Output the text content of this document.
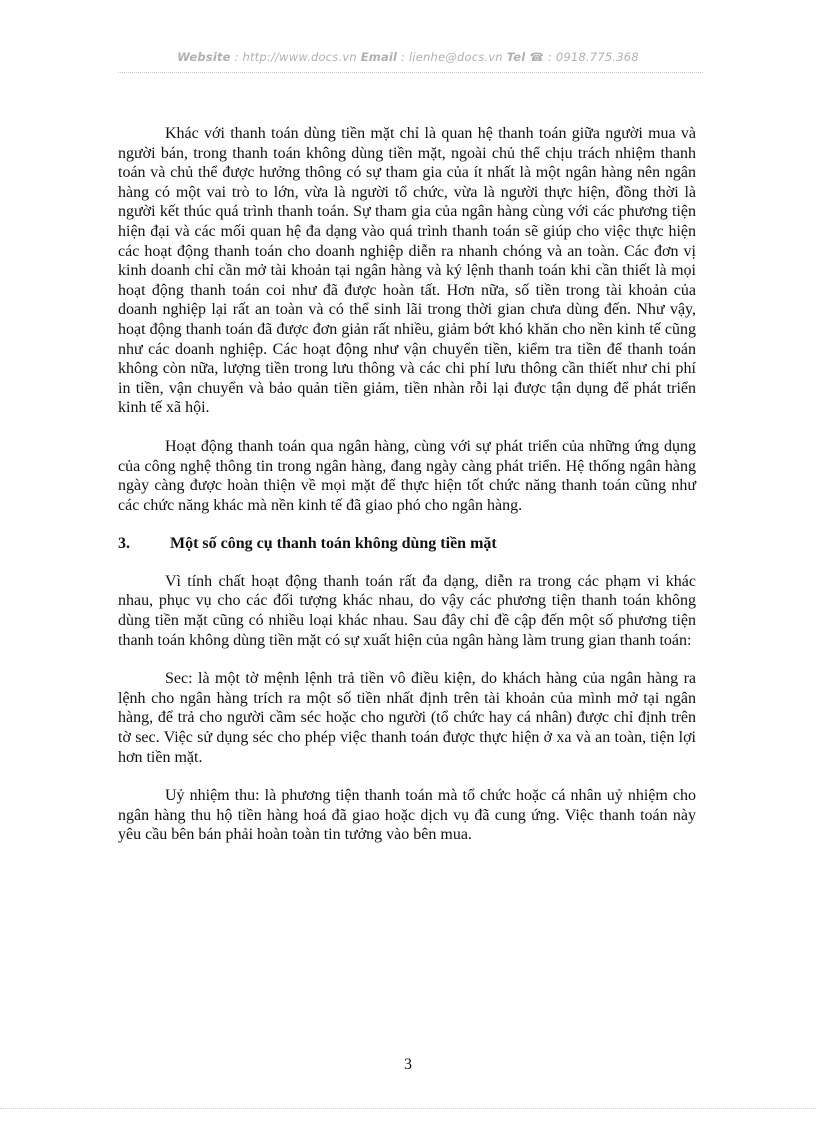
Website : http://www.docs.vn Email : lienhe@docs.vn Tel ☎ : 0918.775.368

Khác với thanh toán dùng tiền mặt chỉ là quan hệ thanh toán giữa người mua và người bán, trong thanh toán không dùng tiền mặt, ngoài chủ thể chịu trách nhiệm thanh toán và chủ thể được hưởng thông có sự tham gia của ít nhất là một ngân hàng nên ngân hàng có một vai trò to lớn, vừa là người tổ chức, vừa là người thực hiện, đồng thời là người kết thúc quá trình thanh toán. Sự tham gia của ngân hàng cùng với các phương tiện hiện đại và các mối quan hệ đa dạng vào quá trình thanh toán sẽ giúp cho việc thực hiện các hoạt động thanh toán cho doanh nghiệp diễn ra nhanh chóng và an toàn. Các đơn vị kinh doanh chỉ cần mở tài khoản tại ngân hàng và ký lệnh thanh toán khi cần thiết là mọi hoạt động thanh toán coi như đã được hoàn tất. Hơn nữa, số tiền trong tài khoản của doanh nghiệp lại rất an toàn và có thể sinh lãi trong thời gian chưa dùng đến. Như vậy, hoạt động thanh toán đã được đơn giản rất nhiều, giảm bớt khó khăn cho nền kinh tế cũng như các doanh nghiệp. Các hoạt động như vận chuyển tiền, kiểm tra tiền để thanh toán không còn nữa, lượng tiền trong lưu thông và các chi phí lưu thông cần thiết như chi phí in tiền, vận chuyển và bảo quản tiền giảm, tiền nhàn rỗi lại được tận dụng để phát triển kinh tế xã hội.

Hoạt động thanh toán qua ngân hàng, cùng với sự phát triển của những ứng dụng của công nghệ thông tin trong ngân hàng, đang ngày càng phát triển. Hệ thống ngân hàng ngày càng được hoàn thiện về mọi mặt để thực hiện tốt chức năng thanh toán cũng như các chức năng khác mà nền kinh tế đã giao phó cho ngân hàng.

3.	Một số công cụ thanh toán không dùng tiền mặt

Vì tính chất hoạt động thanh toán rất đa dạng, diễn ra trong các phạm vi khác nhau, phục vụ cho các đối tượng khác nhau, do vậy các phương tiện thanh toán không dùng tiền mặt cũng có nhiều loại khác nhau. Sau đây chỉ đề cập đến một số phương tiện thanh toán không dùng tiền mặt có sự xuất hiện của ngân hàng làm trung gian thanh toán:

Sec: là một tờ mệnh lệnh trả tiền vô điều kiện, do khách hàng của ngân hàng ra lệnh cho ngân hàng trích ra một số tiền nhất định trên tài khoản của mình mở tại ngân hàng, để trả cho người cầm séc hoặc cho người (tổ chức hay cá nhân) được chỉ định trên tờ sec. Việc sử dụng séc cho phép việc thanh toán được thực hiện ở xa và an toàn, tiện lợi hơn tiền mặt.

Uỷ nhiệm thu: là phương tiện thanh toán mà tổ chức hoặc cá nhân uỷ nhiệm cho ngân hàng thu hộ tiền hàng hoá đã giao hoặc dịch vụ đã cung ứng. Việc thanh toán này yêu cầu bên bán phải hoàn toàn tin tưởng vào bên mua.

3
